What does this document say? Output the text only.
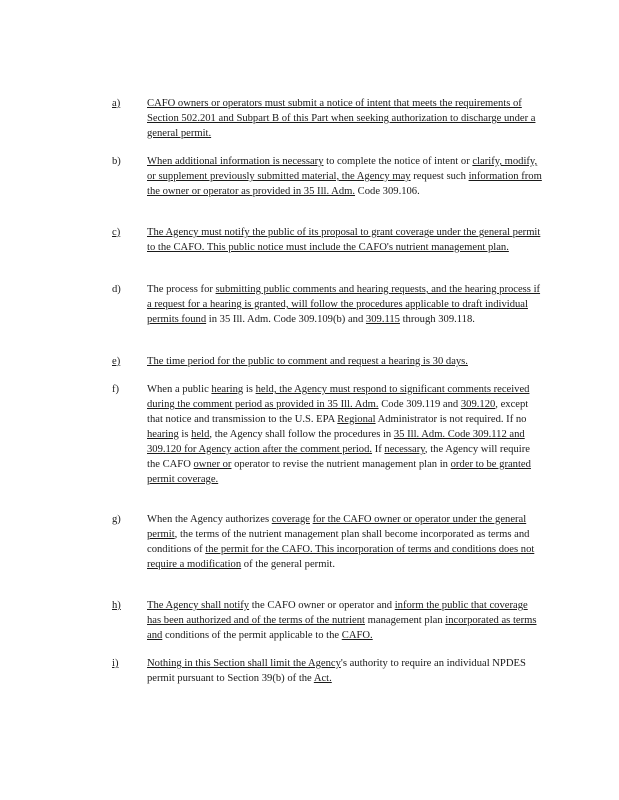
a)	CAFO owners or operators must submit a notice of intent that meets the requirements of Section 502.201 and Subpart B of this Part when seeking authorization to discharge under a general permit.
b)	When additional information is necessary to complete the notice of intent or clarify, modify, or supplement previously submitted material, the Agency may request such information from the owner or operator as provided in 35 Ill. Adm. Code 309.106.
c)	The Agency must notify the public of its proposal to grant coverage under the general permit to the CAFO. This public notice must include the CAFO's nutrient management plan.
d)	The process for submitting public comments and hearing requests, and the hearing process if a request for a hearing is granted, will follow the procedures applicable to draft individual permits found in 35 Ill. Adm. Code 309.109(b) and 309.115 through 309.118.
e)	The time period for the public to comment and request a hearing is 30 days.
f)	When a public hearing is held, the Agency must respond to significant comments received during the comment period as provided in 35 Ill. Adm. Code 309.119 and 309.120, except that notice and transmission to the U.S. EPA Regional Administrator is not required. If no hearing is held, the Agency shall follow the procedures in 35 Ill. Adm. Code 309.112 and 309.120 for Agency action after the comment period. If necessary, the Agency will require the CAFO owner or operator to revise the nutrient management plan in order to be granted permit coverage.
g)	When the Agency authorizes coverage for the CAFO owner or operator under the general permit, the terms of the nutrient management plan shall become incorporated as terms and conditions of the permit for the CAFO. This incorporation of terms and conditions does not require a modification of the general permit.
h)	The Agency shall notify the CAFO owner or operator and inform the public that coverage has been authorized and of the terms of the nutrient management plan incorporated as terms and conditions of the permit applicable to the CAFO.
i)	Nothing in this Section shall limit the Agency's authority to require an individual NPDES permit pursuant to Section 39(b) of the Act.
